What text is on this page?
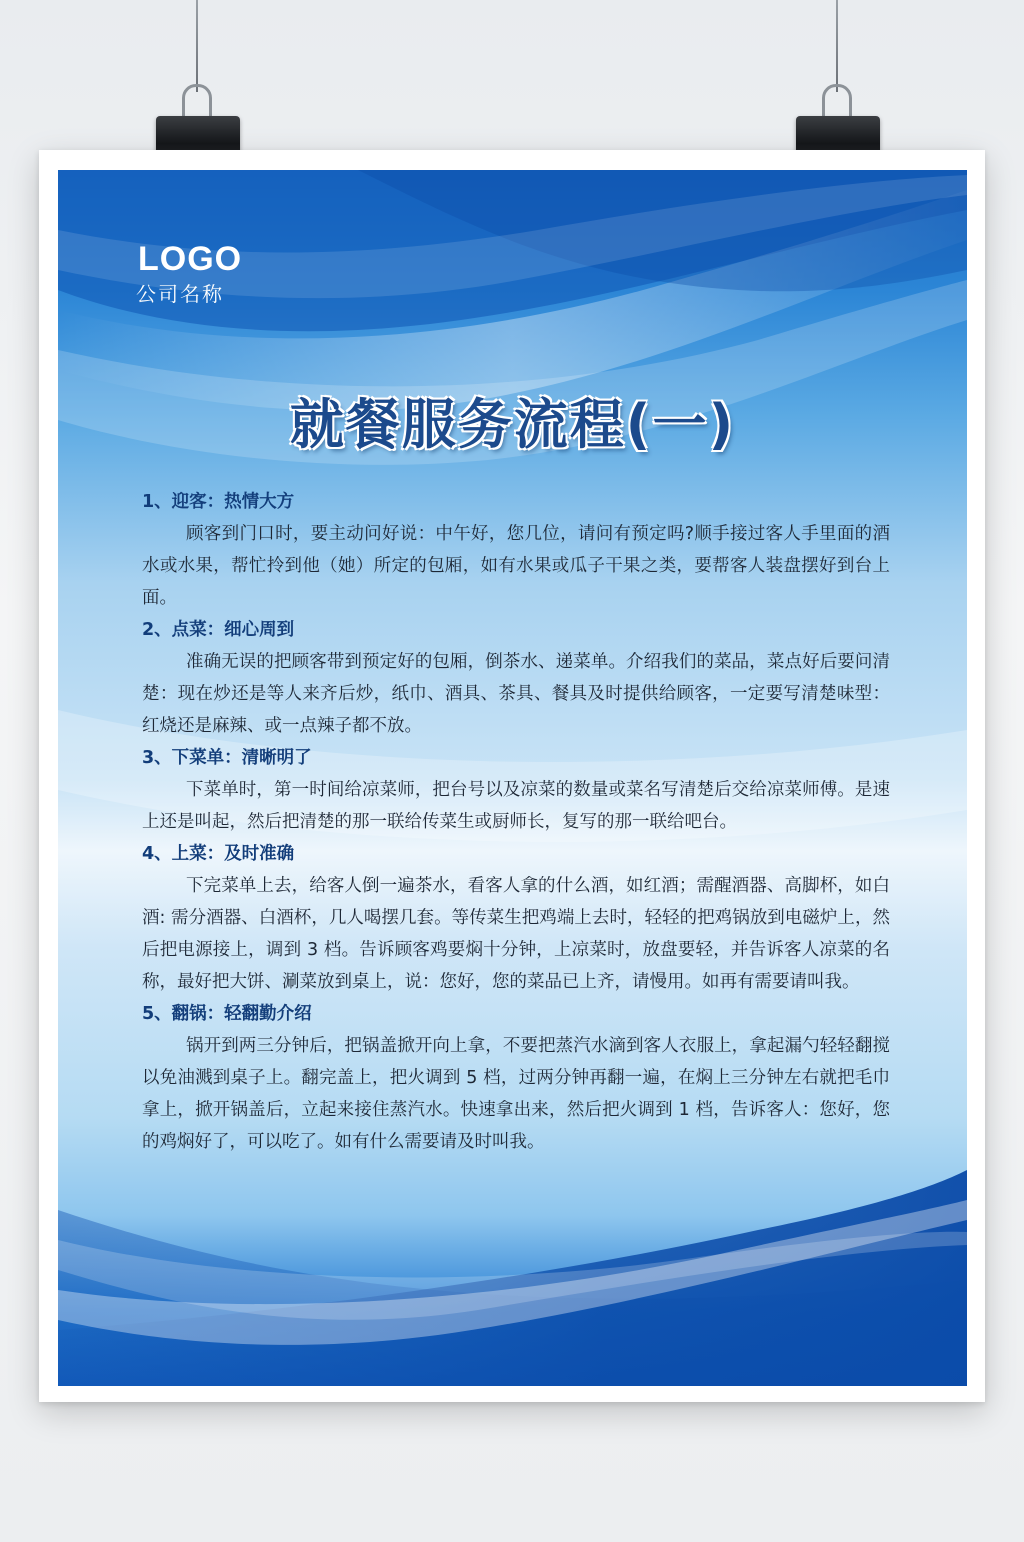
LOGO
公司名称
就餐服务流程(一)
1、迎客：热情大方

顾客到门口时，要主动问好说：中午好，您几位，请问有预定吗?顺手接过客人手里面的酒水或水果，帮忙拎到他（她）所定的包厢，如有水果或瓜子干果之类，要帮客人装盘摆好到台上面。

2、点菜：细心周到

准确无误的把顾客带到预定好的包厢，倒茶水、递菜单。介绍我们的菜品，菜点好后要问清楚：现在炒还是等人来齐后炒，纸巾、酒具、茶具、餐具及时提供给顾客，一定要写清楚味型：红烧还是麻辣、或一点辣子都不放。

3、下菜单：清晰明了

下菜单时，第一时间给凉菜师，把台号以及凉菜的数量或菜名写清楚后交给凉菜师傅。是速上还是叫起，然后把清楚的那一联给传菜生或厨师长，复写的那一联给吧台。

4、上菜：及时准确

下完菜单上去，给客人倒一遍茶水，看客人拿的什么酒，如红酒；需醒酒器、高脚杯，如白酒: 需分酒器、白酒杯，几人喝摆几套。等传菜生把鸡端上去时，轻轻的把鸡锅放到电磁炉上，然后把电源接上，调到 3 档。告诉顾客鸡要焖十分钟，上凉菜时，放盘要轻，并告诉客人凉菜的名称，最好把大饼、涮菜放到桌上，说：您好，您的菜品已上齐，请慢用。如再有需要请叫我。

5、翻锅：轻翻勤介绍

锅开到两三分钟后，把锅盖掀开向上拿，不要把蒸汽水滴到客人衣服上，拿起漏勺轻轻翻搅以免油溅到桌子上。翻完盖上，把火调到 5 档，过两分钟再翻一遍，在焖上三分钟左右就把毛巾拿上，掀开锅盖后，立起来接住蒸汽水。快速拿出来，然后把火调到 1 档，告诉客人：您好，您的鸡焖好了，可以吃了。如有什么需要请及时叫我。
